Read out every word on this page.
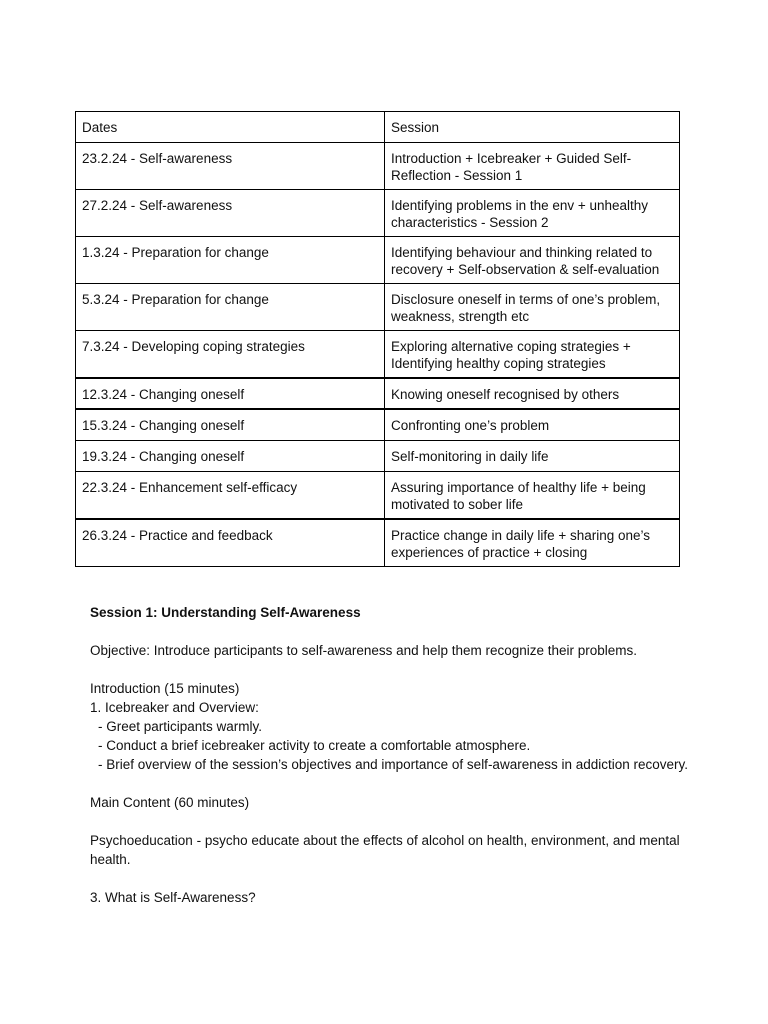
Dates	Session
23.2.24 - Self-awareness	Introduction + Icebreaker + Guided Self-Reflection - Session 1
27.2.24 - Self-awareness	Identifying problems in the env + unhealthy characteristics - Session 2
1.3.24 - Preparation for change	Identifying behaviour and thinking related to recovery + Self-observation & self-evaluation
5.3.24 - Preparation for change	Disclosure oneself in terms of one’s problem, weakness, strength etc
7.3.24 - Developing coping strategies	Exploring alternative coping strategies + Identifying healthy coping strategies
12.3.24 - Changing oneself	Knowing oneself recognised by others
15.3.24 - Changing oneself	Confronting one’s problem
19.3.24 - Changing oneself	Self-monitoring in daily life
22.3.24 - Enhancement self-efficacy	Assuring importance of healthy life + being motivated to sober life
26.3.24 - Practice and feedback	Practice change in daily life + sharing one’s experiences of practice + closing

Session 1: Understanding Self-Awareness

Objective: Introduce participants to self-awareness and help them recognize their problems.

Introduction (15 minutes)

1. Icebreaker and Overview:

- Greet participants warmly.

- Conduct a brief icebreaker activity to create a comfortable atmosphere.

- Brief overview of the session’s objectives and importance of self-awareness in addiction recovery.

Main Content (60 minutes)

Psychoeducation - psycho educate about the effects of alcohol on health, environment, and mental health.

3. What is Self-Awareness?
